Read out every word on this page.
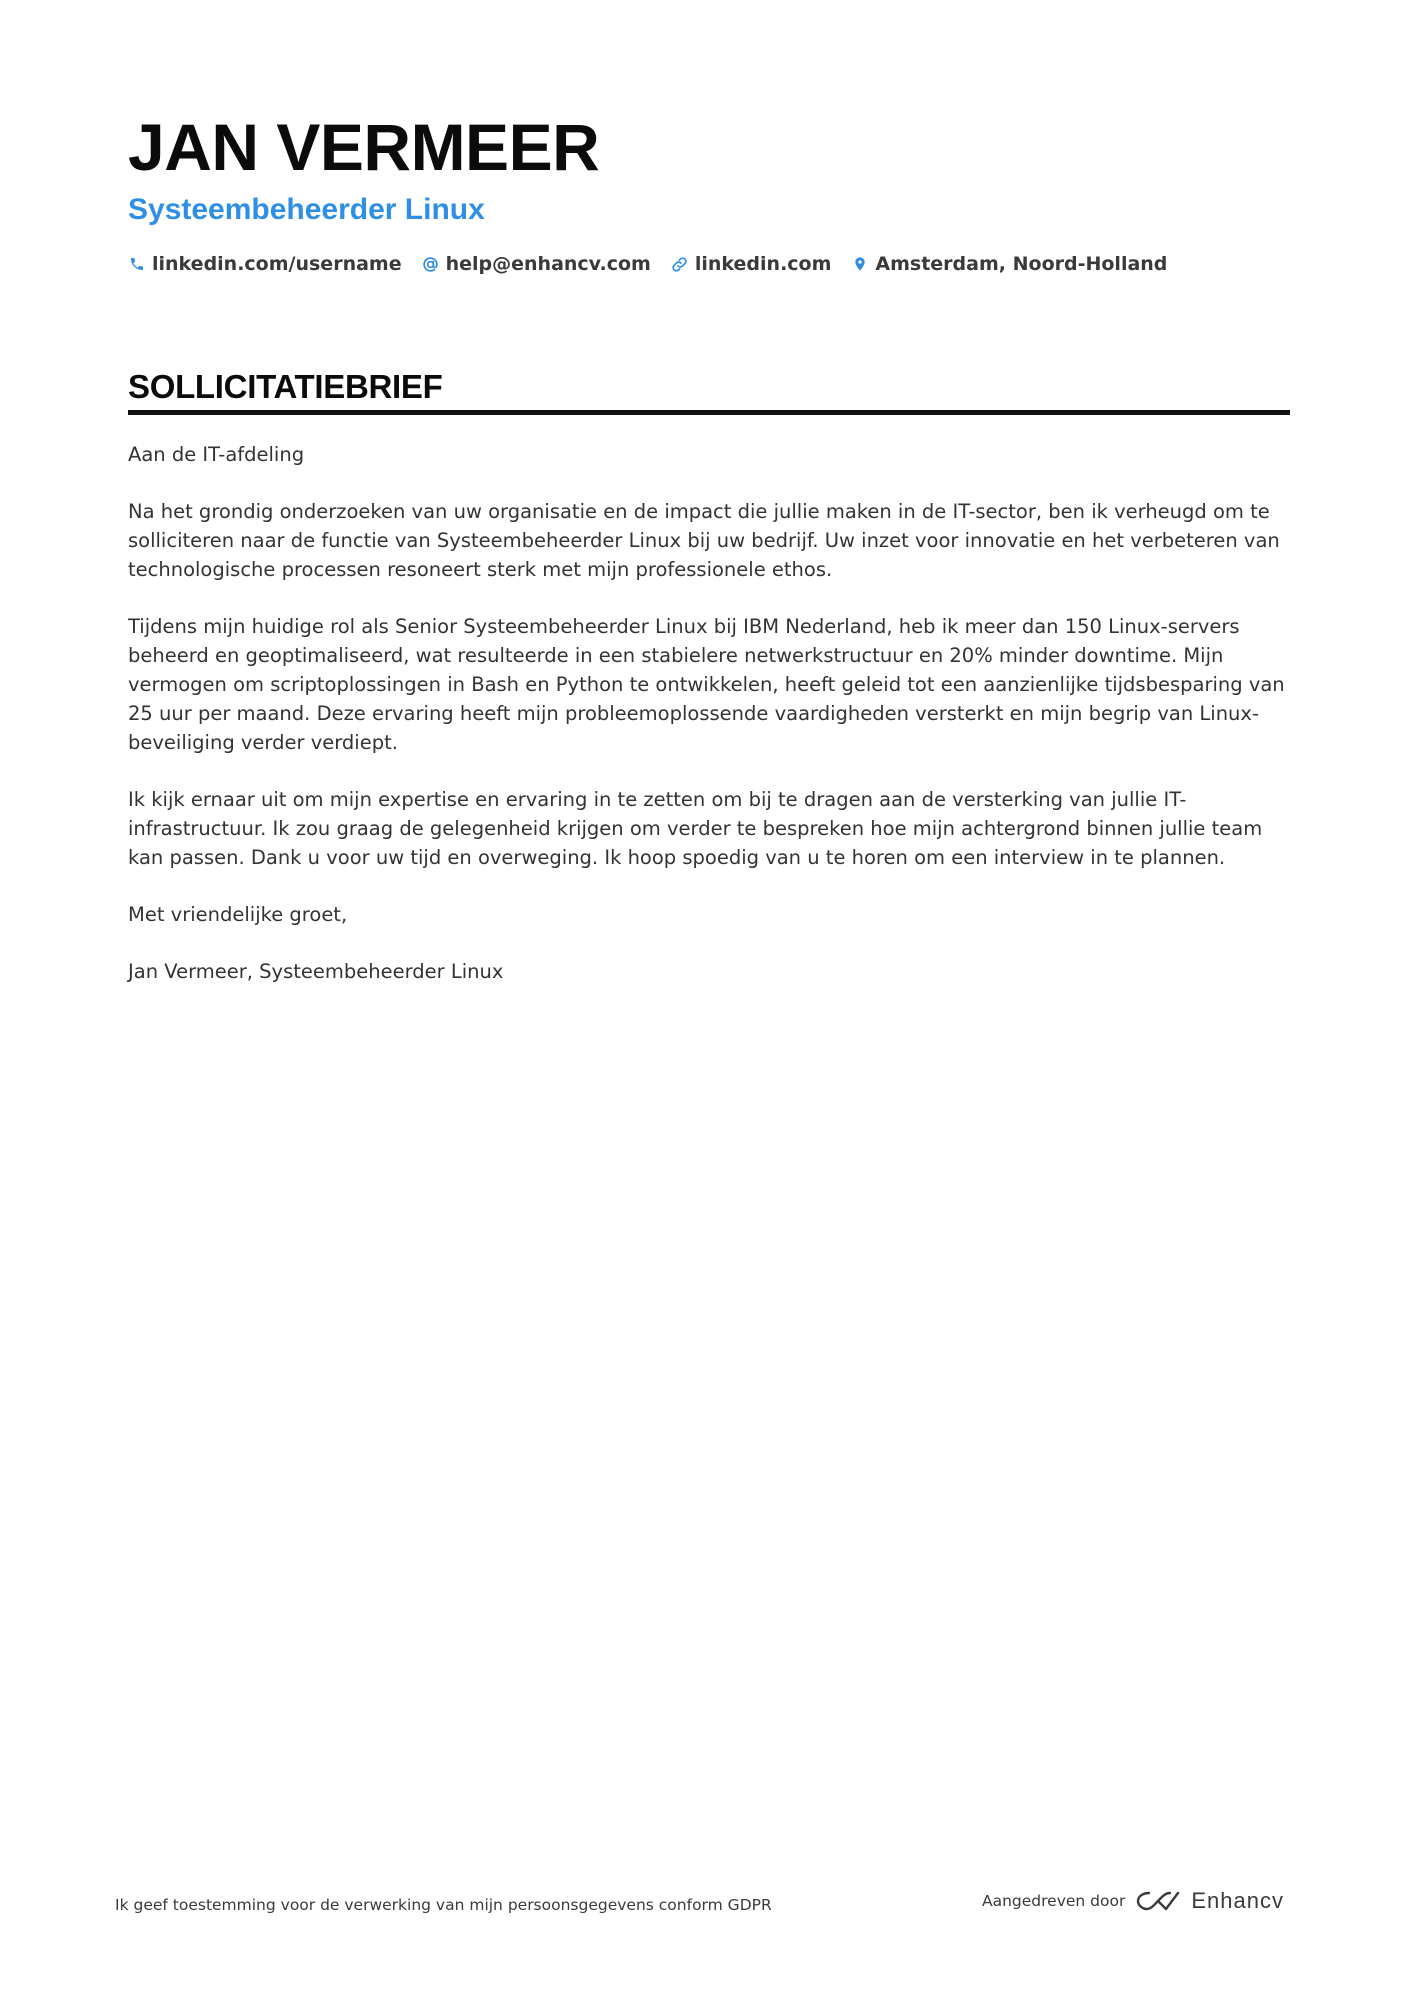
JAN VERMEER
Systeembeheerder Linux
linkedin.com/username help@enhancv.com linkedin.com Amsterdam, Noord-Holland
SOLLICITATIEBRIEF

Aan de IT-afdeling

Na het grondig onderzoeken van uw organisatie en de impact die jullie maken in de IT-sector, ben ik verheugd om te solliciteren naar de functie van Systeembeheerder Linux bij uw bedrijf. Uw inzet voor innovatie en het verbeteren van technologische processen resoneert sterk met mijn professionele ethos.

Tijdens mijn huidige rol als Senior Systeembeheerder Linux bij IBM Nederland, heb ik meer dan 150 Linux-servers beheerd en geoptimaliseerd, wat resulteerde in een stabielere netwerkstructuur en 20% minder downtime. Mijn vermogen om scriptoplossingen in Bash en Python te ontwikkelen, heeft geleid tot een aanzienlijke tijdsbesparing van 25 uur per maand. Deze ervaring heeft mijn probleemoplossende vaardigheden versterkt en mijn begrip van Linux-beveiliging verder verdiept.

Ik kijk ernaar uit om mijn expertise en ervaring in te zetten om bij te dragen aan de versterking van jullie IT-infrastructuur. Ik zou graag de gelegenheid krijgen om verder te bespreken hoe mijn achtergrond binnen jullie team kan passen. Dank u voor uw tijd en overweging. Ik hoop spoedig van u te horen om een interview in te plannen.

Met vriendelijke groet,

Jan Vermeer, Systeembeheerder Linux

Ik geef toestemming voor de verwerking van mijn persoonsgegevens conform GDPR	Aangedreven door	Enhancv
